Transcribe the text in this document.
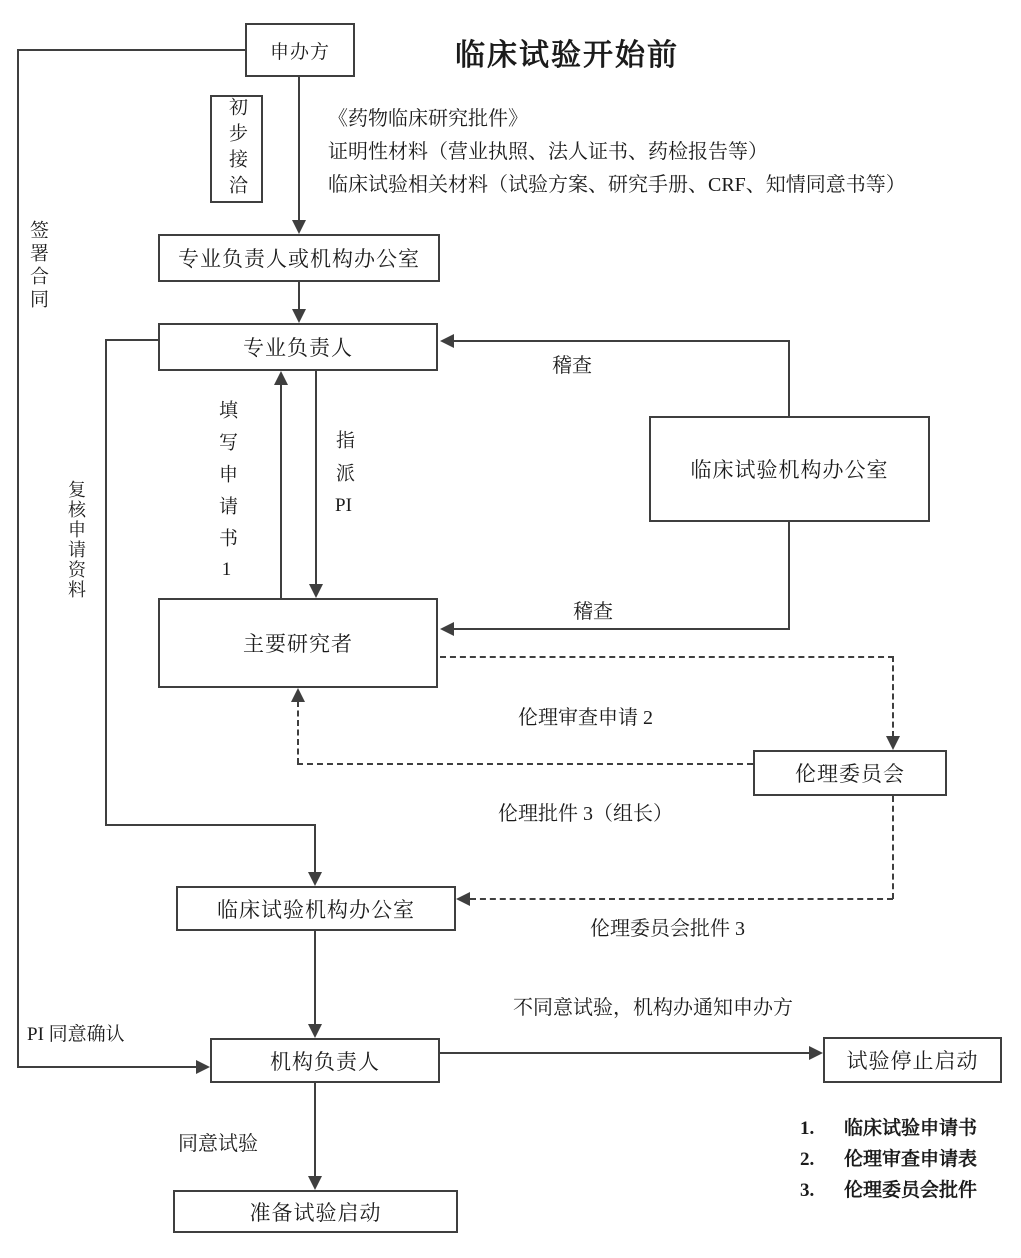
临床试验开始前
《药物临床研究批件》
证明性材料（营业执照、法人证书、药检报告等）
临床试验相关材料（试验方案、研究手册、CRF、知情同意书等）
申办方
初步接洽
专业负责人或机构办公室
专业负责人
临床试验机构办公室
主要研究者
伦理委员会
临床试验机构办公室
机构负责人	试验停止启动
准备试验启动
签署合同
复核申请资料	填写申请书1
指派PI
稽查
稽查
伦理审查申请 2
伦理批件 3（组长）
伦理委员会批件 3
不同意试验，机构办通知申办方
PI 同意确认
同意试验
1.	临床试验申请书
2.	伦理审查申请表
3.	伦理委员会批件
